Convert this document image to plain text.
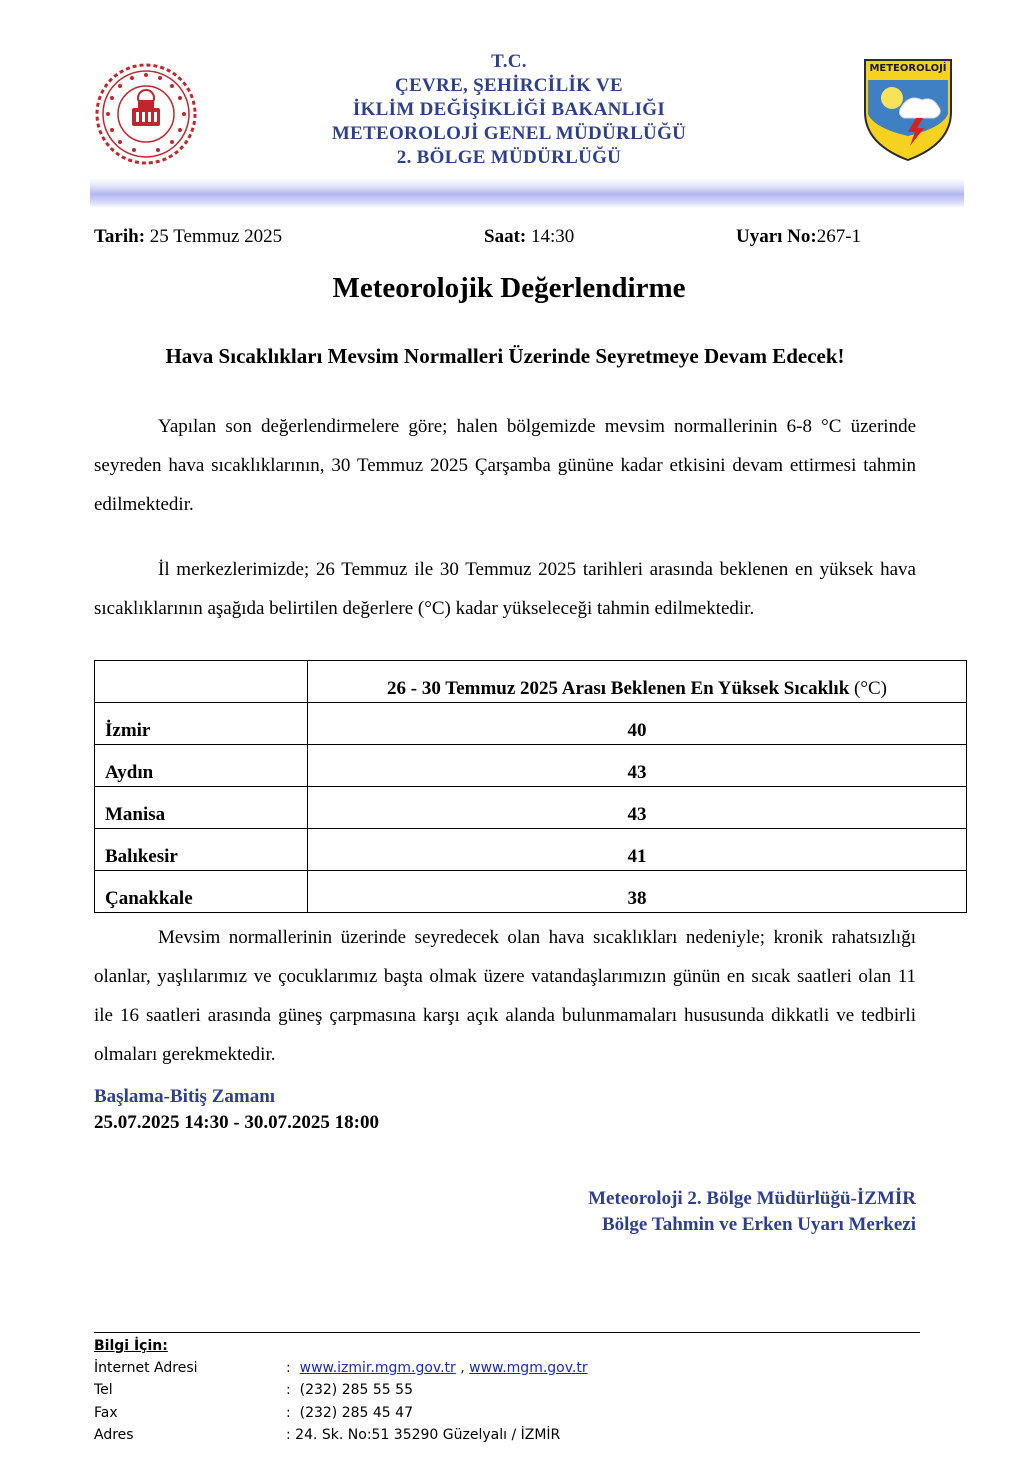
T.C.
ÇEVRE, ŞEHİRCİLİK VE
İKLİM DEĞİŞİKLİĞİ BAKANLIĞI
METEOROLOJİ GENEL MÜDÜRLÜĞÜ
2. BÖLGE MÜDÜRLÜĞÜ
METEOROLOJİ
Tarih: 25 Temmuz 2025	Saat: 14:30	Uyarı No:267-1
Meteorolojik Değerlendirme
Hava Sıcaklıkları Mevsim Normalleri Üzerinde Seyretmeye Devam Edecek!
Yapılan son değerlendirmelere göre; halen bölgemizde mevsim normallerinin 6-8 °C üzerinde seyreden hava sıcaklıklarının, 30 Temmuz 2025 Çarşamba gününe kadar etkisini devam ettirmesi tahmin edilmektedir.
İl merkezlerimizde; 26 Temmuz ile 30 Temmuz 2025 tarihleri arasında beklenen en yüksek hava sıcaklıklarının aşağıda belirtilen değerlere (°C) kadar yükseleceği tahmin edilmektedir.
	26 - 30 Temmuz 2025 Arası Beklenen En Yüksek Sıcaklık (°C)
İzmir	40
Aydın	43
Manisa	43
Balıkesir	41
Çanakkale	38
Mevsim normallerinin üzerinde seyredecek olan hava sıcaklıkları nedeniyle; kronik rahatsızlığı olanlar, yaşlılarımız ve çocuklarımız başta olmak üzere vatandaşlarımızın günün en sıcak saatleri olan 11 ile 16 saatleri arasında güneş çarpmasına karşı açık alanda bulunmamaları hususunda dikkatli ve tedbirli olmaları gerekmektedir.
Başlama-Bitiş Zamanı
25.07.2025 14:30 - 30.07.2025 18:00
Meteoroloji 2. Bölge Müdürlüğü-İZMİR
Bölge Tahmin ve Erken Uyarı Merkezi
Bilgi İçin:
İnternet Adresi	:  www.izmir.mgm.gov.tr , www.mgm.gov.tr
Tel	:  (232) 285 55 55
Fax	:  (232) 285 45 47
Adres	: 24. Sk. No:51 35290 Güzelyalı / İZMİR
